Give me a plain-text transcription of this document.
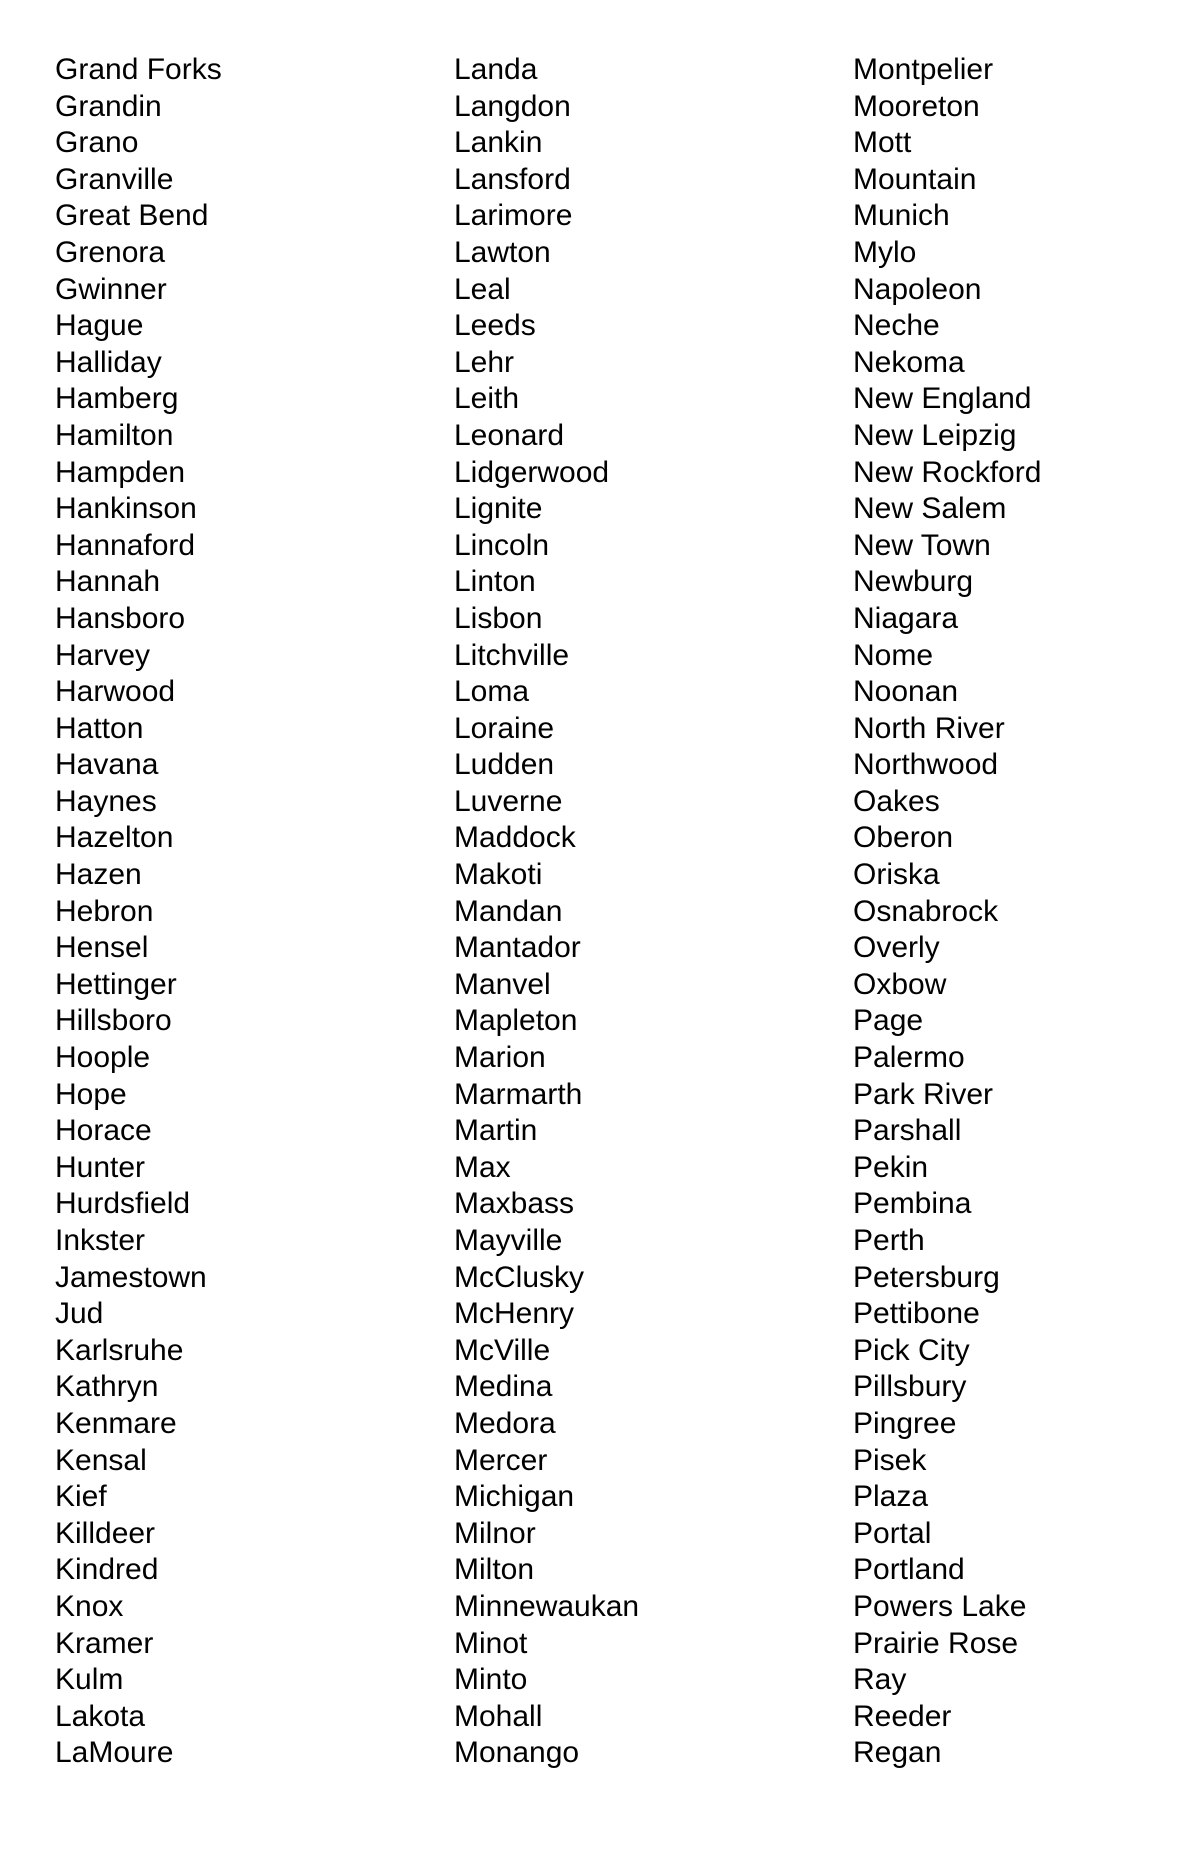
Grand Forks
Grandin
Grano
Granville
Great Bend
Grenora
Gwinner
Hague
Halliday
Hamberg
Hamilton
Hampden
Hankinson
Hannaford
Hannah
Hansboro
Harvey
Harwood
Hatton
Havana
Haynes
Hazelton
Hazen
Hebron
Hensel
Hettinger
Hillsboro
Hoople
Hope
Horace
Hunter
Hurdsfield
Inkster
Jamestown
Jud
Karlsruhe
Kathryn
Kenmare
Kensal
Kief
Killdeer
Kindred
Knox
Kramer
Kulm
Lakota
LaMoure
Landa
Langdon
Lankin
Lansford
Larimore
Lawton
Leal
Leeds
Lehr
Leith
Leonard
Lidgerwood
Lignite
Lincoln
Linton
Lisbon
Litchville
Loma
Loraine
Ludden
Luverne
Maddock
Makoti
Mandan
Mantador
Manvel
Mapleton
Marion
Marmarth
Martin
Max
Maxbass
Mayville
McClusky
McHenry
McVille
Medina
Medora
Mercer
Michigan
Milnor
Milton
Minnewaukan
Minot
Minto
Mohall
Monango
Montpelier
Mooreton
Mott
Mountain
Munich
Mylo
Napoleon
Neche
Nekoma
New England
New Leipzig
New Rockford
New Salem
New Town
Newburg
Niagara
Nome
Noonan
North River
Northwood
Oakes
Oberon
Oriska
Osnabrock
Overly
Oxbow
Page
Palermo
Park River
Parshall
Pekin
Pembina
Perth
Petersburg
Pettibone
Pick City
Pillsbury
Pingree
Pisek
Plaza
Portal
Portland
Powers Lake
Prairie Rose
Ray
Reeder
Regan
